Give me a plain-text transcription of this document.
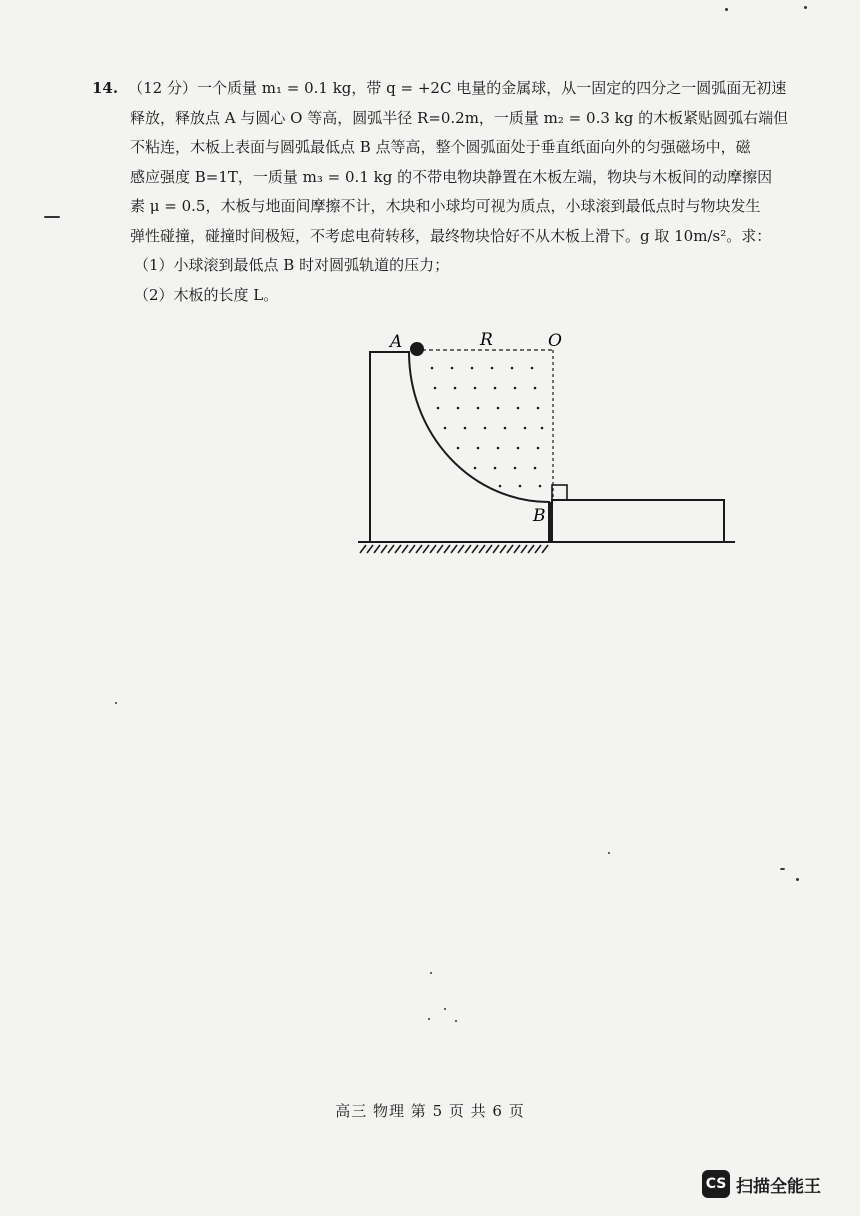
14. （12 分）一个质量 m₁ = 0.1 kg，带 q = +2C 电量的金属球，从一固定的四分之一圆弧面无初速
释放，释放点 A 与圆心 O 等高，圆弧半径 R=0.2m，一质量 m₂ = 0.3 kg 的木板紧贴圆弧右端但
不粘连，木板上表面与圆弧最低点 B 点等高，整个圆弧面处于垂直纸面向外的匀强磁场中，磁
感应强度 B=1T，一质量 m₃ = 0.1 kg 的不带电物块静置在木板左端，物块与木板间的动摩擦因
素 μ = 0.5，木板与地面间摩擦不计，木块和小球均可视为质点，小球滚到最低点时与物块发生
弹性碰撞，碰撞时间极短，不考虑电荷转移，最终物块恰好不从木板上滑下。g 取 10m/s²。求：
（1）小球滚到最低点 B 时对圆弧轨道的压力；
（2）木板的长度 L。
A	R	O
B
高三 物理 第 5 页 共 6 页
CS 扫描全能王
